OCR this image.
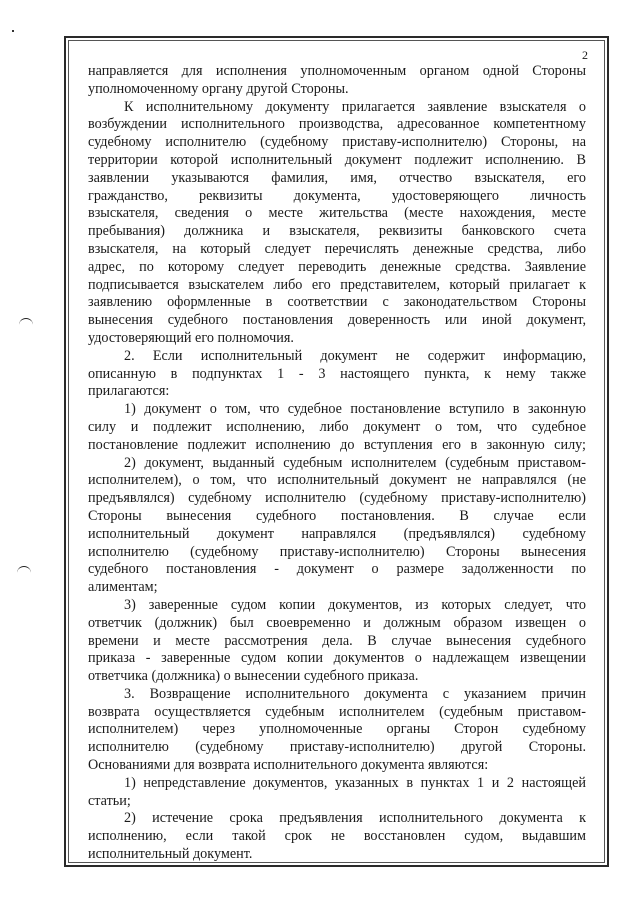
2
направляется для исполнения уполномоченным органом одной Стороны
уполномоченному органу другой Стороны.
К исполнительному документу прилагается заявление взыскателя о
возбуждении исполнительного производства, адресованное компетентному
судебному исполнителю (судебному приставу-исполнителю) Стороны, на
территории которой исполнительный документ подлежит исполнению. В
заявлении указываются фамилия, имя, отчество взыскателя, его
гражданство, реквизиты документа, удостоверяющего личность
взыскателя, сведения о месте жительства (месте нахождения, месте
пребывания) должника и взыскателя, реквизиты банковского счета
взыскателя, на который следует перечислять денежные средства, либо
адрес, по которому следует переводить денежные средства. Заявление
подписывается взыскателем либо его представителем, который прилагает к
заявлению оформленные в соответствии с законодательством Стороны
вынесения судебного постановления доверенность или иной документ,
удостоверяющий его полномочия.
2. Если исполнительный документ не содержит информацию,
описанную в подпунктах 1 - 3 настоящего пункта, к нему также
прилагаются:
1) документ о том, что судебное постановление вступило в законную
силу и подлежит исполнению, либо документ о том, что судебное
постановление подлежит исполнению до вступления его в законную силу;
2) документ, выданный судебным исполнителем (судебным приставом-
исполнителем), о том, что исполнительный документ не направлялся (не
предъявлялся) судебному исполнителю (судебному приставу-исполнителю)
Стороны вынесения судебного постановления. В случае если
исполнительный документ направлялся (предъявлялся) судебному
исполнителю (судебному приставу-исполнителю) Стороны вынесения
судебного постановления - документ о размере задолженности по
алиментам;
3) заверенные судом копии документов, из которых следует, что
ответчик (должник) был своевременно и должным образом извещен о
времени и месте рассмотрения дела. В случае вынесения судебного
приказа - заверенные судом копии документов о надлежащем извещении
ответчика (должника) о вынесении судебного приказа.
3. Возвращение исполнительного документа с указанием причин
возврата осуществляется судебным исполнителем (судебным приставом-
исполнителем) через уполномоченные органы Сторон судебному
исполнителю (судебному приставу-исполнителю) другой Стороны.
Основаниями для возврата исполнительного документа являются:
1) непредставление документов, указанных в пунктах 1 и 2 настоящей
статьи;
2) истечение срока предъявления исполнительного документа к
исполнению, если такой срок не восстановлен судом, выдавшим
исполнительный документ.
